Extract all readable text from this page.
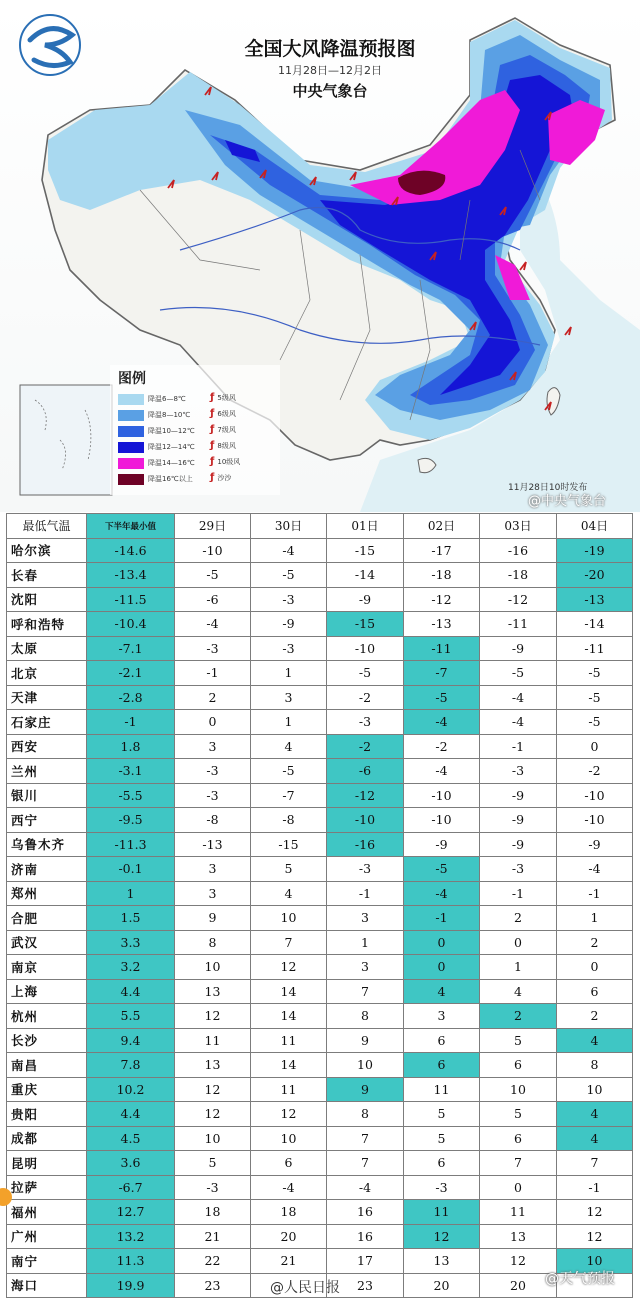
全国大风降温预报图
11月28日—12月2日
中央气象台
图例
降温6—8℃
降温8—10℃
降温10—12℃
降温12—14℃
降温14—16℃
降温16℃以上
ƒ 5级风
ƒ 6级风
ƒ 7级风
ƒ 8级风
ƒ 10级风
ƒ 沙沙
11月28日10时发布
@中央气象台
最低气温	下半年最小值	29日	30日	01日	02日	03日	04日
哈尔滨	-14.6	-10	-4	-15	-17	-16	-19
长春	-13.4	-5	-5	-14	-18	-18	-20
沈阳	-11.5	-6	-3	-9	-12	-12	-13
呼和浩特	-10.4	-4	-9	-15	-13	-11	-14
太原	-7.1	-3	-3	-10	-11	-9	-11
北京	-2.1	-1	1	-5	-7	-5	-5
天津	-2.8	2	3	-2	-5	-4	-5
石家庄	-1	0	1	-3	-4	-4	-5
西安	1.8	3	4	-2	-2	-1	0
兰州	-3.1	-3	-5	-6	-4	-3	-2
银川	-5.5	-3	-7	-12	-10	-9	-10
西宁	-9.5	-8	-8	-10	-10	-9	-10
乌鲁木齐	-11.3	-13	-15	-16	-9	-9	-9
济南	-0.1	3	5	-3	-5	-3	-4
郑州	1	3	4	-1	-4	-1	-1
合肥	1.5	9	10	3	-1	2	1
武汉	3.3	8	7	1	0	0	2
南京	3.2	10	12	3	0	1	0
上海	4.4	13	14	7	4	4	6
杭州	5.5	12	14	8	3	2	2
长沙	9.4	11	11	9	6	5	4
南昌	7.8	13	14	10	6	6	8
重庆	10.2	12	11	9	11	10	10
贵阳	4.4	12	12	8	5	5	4
成都	4.5	10	10	7	5	6	4
昆明	3.6	5	6	7	6	7	7
拉萨	-6.7	-3	-4	-4	-3	0	-1
福州	12.7	18	18	16	11	11	12
广州	13.2	21	20	16	12	13	12
南宁	11.3	22	21	17	13	12	10
海口	19.9	23		23	20	20	
@人民日报
@天气预报
